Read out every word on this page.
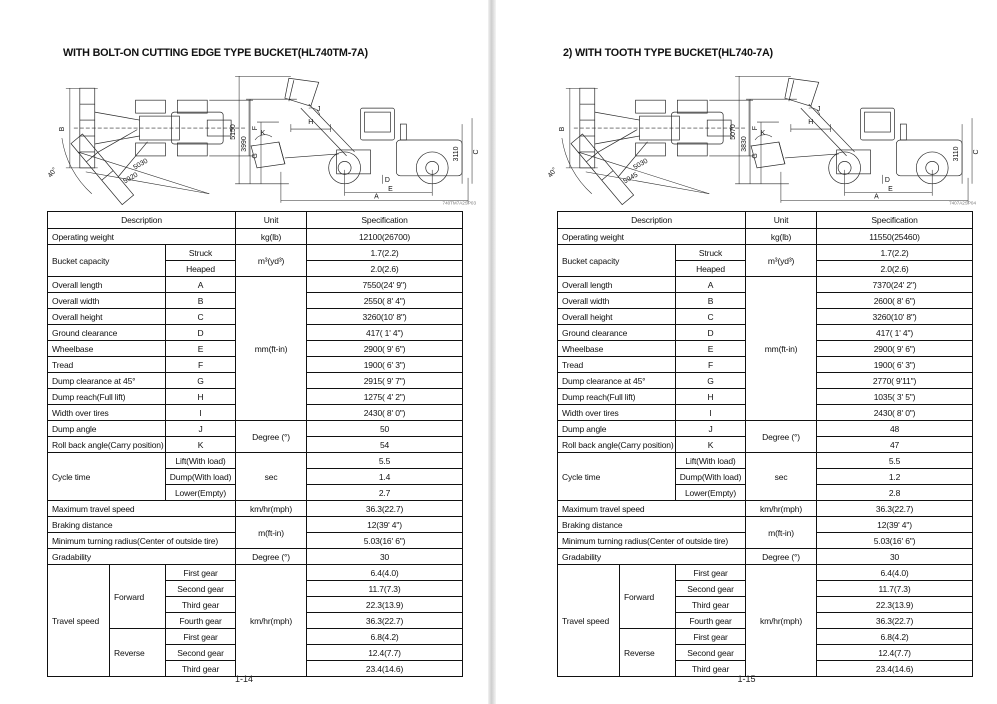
WITH BOLT-ON CUTTING EDGE TYPE BUCKET(HL740TM-7A)
B	F
40°
5030
5920
5150
3990
G
J
H
K
D
E
A
3110 C
740TM7A2SP03
Description			Unit	Specification
Operating weight			kg(lb)	12100(26700)
Bucket capacity		Struck	m³(yd³)	1.7(2.2)
		Heaped		2.0(2.6)
Overall length		A	mm(ft-in)	7550(24' 9")
Overall width		B		2550( 8' 4")
Overall height		C		3260(10' 8")
Ground clearance		D		417( 1' 4")
Wheelbase		E		2900( 9' 6")
Tread		F		1900( 6' 3")
Dump clearance at 45°		G		2915( 9' 7")
Dump reach(Full lift)		H		1275( 4' 2")
Width over tires		I		2430( 8' 0")
Dump angle		J	Degree (°)	50
Roll back angle(Carry position)		K		54
Cycle time		Lift(With load)	sec	5.5
		Dump(With load)		1.4
		Lower(Empty)		2.7
Maximum travel speed			km/hr(mph)	36.3(22.7)
Braking distance			m(ft-in)	12(39' 4")
Minimum turning radius(Center of outside tire)				5.03(16' 6")
Gradability			Degree (°)	30
Travel speed	Forward	First gear	km/hr(mph)	6.4(4.0)
		Second gear		11.7(7.3)
		Third gear		22.3(13.9)
		Fourth gear		36.3(22.7)
	Reverse	First gear		6.8(4.2)
		Second gear		12.4(7.7)
		Third gear		23.4(14.6)
1-14
2) WITH TOOTH TYPE BUCKET(HL740-7A)
B	F
40°
5030
5945
5070
3830
G
J
H
K
D
E
A
3110 C
7407A2SP04
Description			Unit	Specification
Operating weight			kg(lb)	11550(25460)
Bucket capacity		Struck	m³(yd³)	1.7(2.2)
		Heaped		2.0(2.6)
Overall length		A	mm(ft-in)	7370(24' 2")
Overall width		B		2600( 8' 6")
Overall height		C		3260(10' 8")
Ground clearance		D		417( 1' 4")
Wheelbase		E		2900( 9' 6")
Tread		F		1900( 6' 3")
Dump clearance at 45°		G		2770( 9'11")
Dump reach(Full lift)		H		1035( 3' 5")
Width over tires		I		2430( 8' 0")
Dump angle		J	Degree (°)	48
Roll back angle(Carry position)		K		47
Cycle time		Lift(With load)	sec	5.5
		Dump(With load)		1.2
		Lower(Empty)		2.8
Maximum travel speed			km/hr(mph)	36.3(22.7)
Braking distance			m(ft-in)	12(39' 4")
Minimum turning radius(Center of outside tire)				5.03(16' 6")
Gradability			Degree (°)	30
Travel speed	Forward	First gear	km/hr(mph)	6.4(4.0)
		Second gear		11.7(7.3)
		Third gear		22.3(13.9)
		Fourth gear		36.3(22.7)
	Reverse	First gear		6.8(4.2)
		Second gear		12.4(7.7)
		Third gear		23.4(14.6)
1-15
